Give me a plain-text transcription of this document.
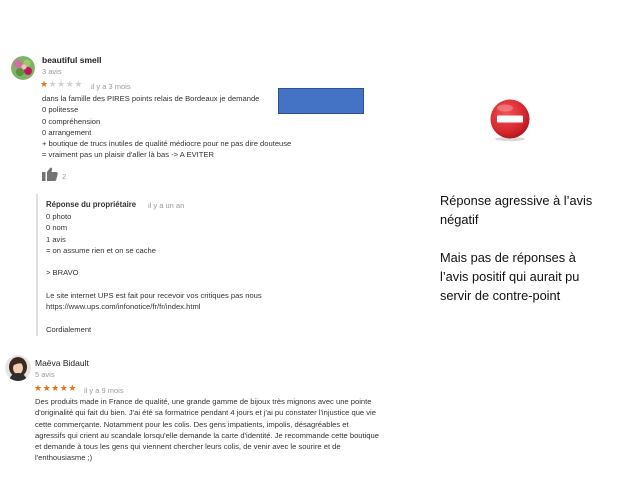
beautiful smell
3 avis
★★★★★ il y a 3 mois
dans la famille des PIRES points relais de Bordeaux je demande
0 politesse
0 compréhension
0 arrangement
+ boutique de trucs inutiles de qualité médiocre pour ne pas dire douteuse
= vraiment pas un plaisir d'aller là bas -> A EVITER
2
Réponse du propriétaire il y a un an
0 photo
0 nom
1 avis
= on assume rien et on se cache
> BRAVO
Le site internet UPS est fait pour recevoir vos critiques pas nous
https://www.ups.com/infonotice/fr/fr/index.html
Cordialement
Maëva Bidault
5 avis
★★★★★ il y a 9 mois
Des produits made in France de qualité, une grande gamme de bijoux très mignons avec une pointe
d'originalité qui fait du bien. J'ai été sa formatrice pendant 4 jours et j'ai pu constater l'injustice que vie
cette commerçante. Notamment pour les colis. Des gens impatients, impolis, désagréables et
agressifs qui crient au scandale lorsqu'elle demande la carte d'identité. Je recommande cette boutique
et demande à tous les gens qui viennent chercher leurs colis, de venir avec le sourire et de
l'enthousiasme ;)
Réponse agressive à l’avis
négatif
Mais pas de réponses à
l’avis positif qui aurait pu
servir de contre-point
